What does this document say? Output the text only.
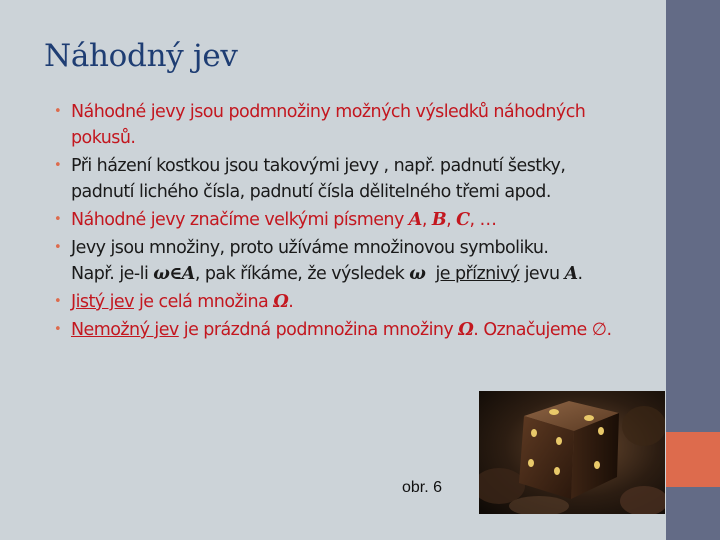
Náhodný jev
• Náhodné jevy jsou podmnožiny možných výsledků náhodných
pokusů.
• Při házení kostkou jsou takovými jevy , např. padnutí šestky,
padnutí lichého čísla, padnutí čísla dělitelného třemi apod.
• Náhodné jevy značíme velkými písmeny A, B, C, …
• Jevy jsou množiny, proto užíváme množinovou symboliku.
Např. je-li ω∈A, pak říkáme, že výsledek ω je příznivý jevu A.
• Jistý jev je celá množina Ω.
• Nemožný jev je prázdná podmnožina množiny Ω. Označujeme ∅.
obr. 6
